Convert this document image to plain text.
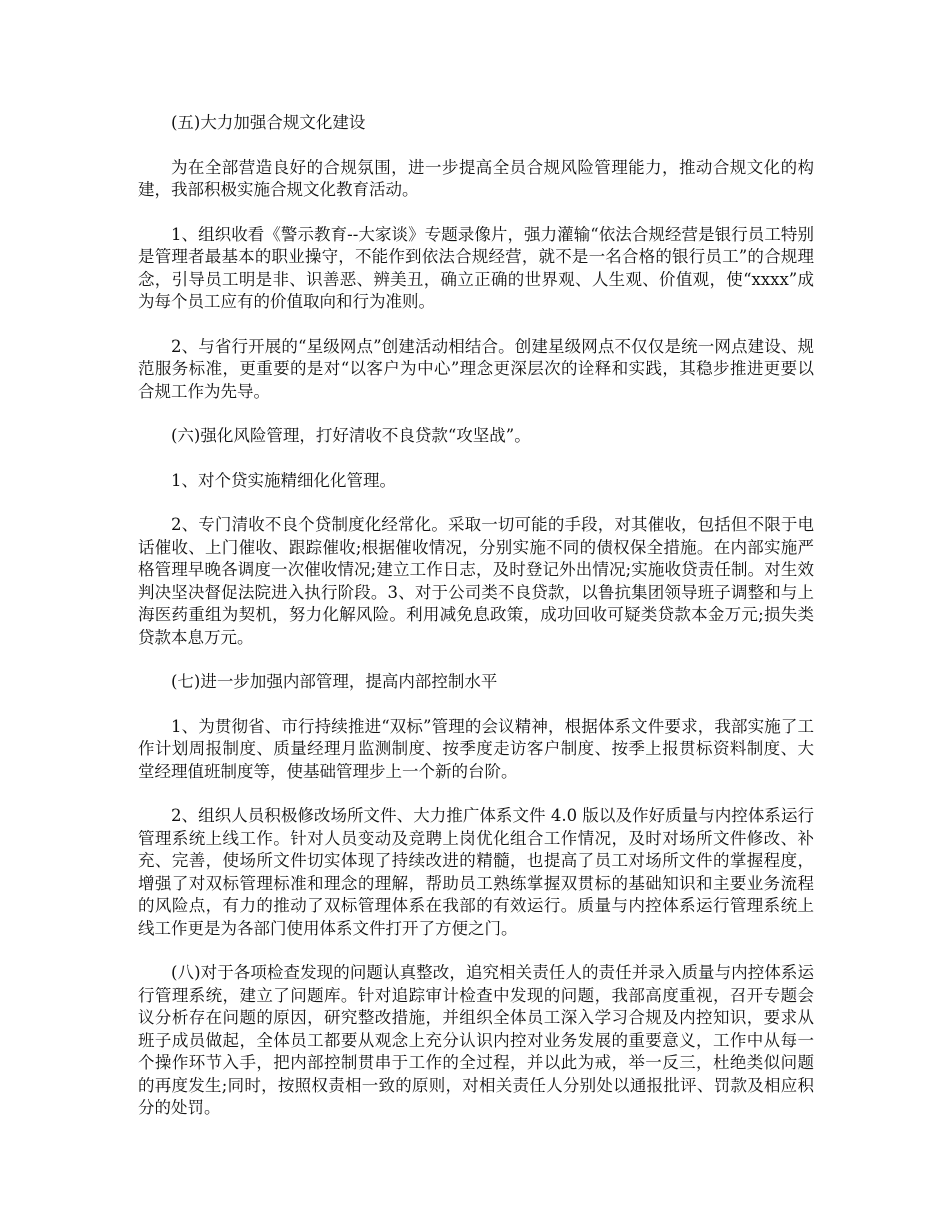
(五)大力加强合规文化建设

为在全部营造良好的合规氛围，进一步提高全员合规风险管理能力，推动合规文化的构建，我部积极实施合规文化教育活动。

1、组织收看《警示教育--大家谈》专题录像片，强力灌输“依法合规经营是银行员工特别是管理者最基本的职业操守，不能作到依法合规经营，就不是一名合格的银行员工”的合规理念，引导员工明是非、识善恶、辨美丑，确立正确的世界观、人生观、价值观，使“xxxx”成为每个员工应有的价值取向和行为准则。

2、与省行开展的“星级网点”创建活动相结合。创建星级网点不仅仅是统一网点建设、规范服务标准，更重要的是对“以客户为中心”理念更深层次的诠释和实践，其稳步推进更要以合规工作为先导。

(六)强化风险管理，打好清收不良贷款“攻坚战”。

1、对个贷实施精细化化管理。

2、专门清收不良个贷制度化经常化。采取一切可能的手段，对其催收，包括但不限于电话催收、上门催收、跟踪催收;根据催收情况，分别实施不同的债权保全措施。在内部实施严格管理早晚各调度一次催收情况;建立工作日志，及时登记外出情况;实施收贷责任制。对生效判决坚决督促法院进入执行阶段。3、对于公司类不良贷款，以鲁抗集团领导班子调整和与上海医药重组为契机，努力化解风险。利用减免息政策，成功回收可疑类贷款本金万元;损失类贷款本息万元。

(七)进一步加强内部管理，提高内部控制水平

1、为贯彻省、市行持续推进“双标”管理的会议精神，根据体系文件要求，我部实施了工作计划周报制度、质量经理月监测制度、按季度走访客户制度、按季上报贯标资料制度、大堂经理值班制度等，使基础管理步上一个新的台阶。

2、组织人员积极修改场所文件、大力推广体系文件 4.0 版以及作好质量与内控体系运行管理系统上线工作。针对人员变动及竞聘上岗优化组合工作情况，及时对场所文件修改、补充、完善，使场所文件切实体现了持续改进的精髓，也提高了员工对场所文件的掌握程度，增强了对双标管理标准和理念的理解，帮助员工熟练掌握双贯标的基础知识和主要业务流程的风险点，有力的推动了双标管理体系在我部的有效运行。质量与内控体系运行管理系统上线工作更是为各部门使用体系文件打开了方便之门。

(八)对于各项检查发现的问题认真整改，追究相关责任人的责任并录入质量与内控体系运行管理系统，建立了问题库。针对追踪审计检查中发现的问题，我部高度重视，召开专题会议分析存在问题的原因，研究整改措施，并组织全体员工深入学习合规及内控知识，要求从班子成员做起，全体员工都要从观念上充分认识内控对业务发展的重要意义，工作中从每一个操作环节入手，把内部控制贯串于工作的全过程，并以此为戒，举一反三，杜绝类似问题的再度发生;同时，按照权责相一致的原则，对相关责任人分别处以通报批评、罚款及相应积分的处罚。
